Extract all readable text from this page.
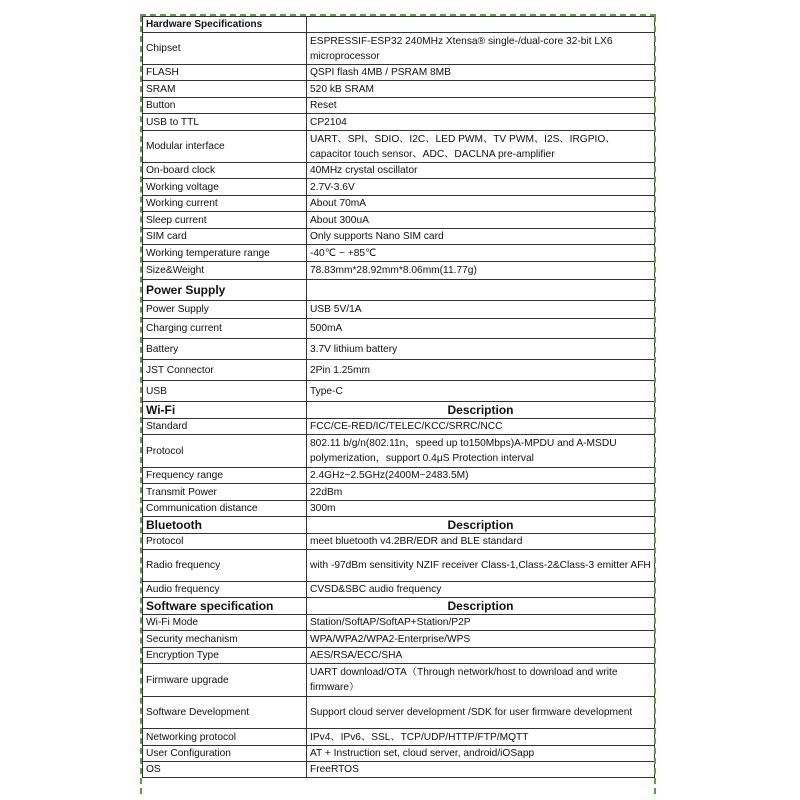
Hardware Specifications	
Chipset	ESPRESSIF-ESP32 240MHz Xtensa® single-/dual-core 32-bit LX6 microprocessor
FLASH	QSPI flash 4MB / PSRAM 8MB
SRAM	520 kB SRAM
Button	Reset
USB to TTL	CP2104
Modular interface	UART、SPI、SDIO、I2C、LED PWM、TV PWM、I2S、IRGPIO、capacitor touch sensor、ADC、DACLNA pre-amplifier
On-board clock	40MHz crystal oscillator
Working voltage	2.7V-3.6V
Working current	About 70mA
Sleep current	About 300uA
SIM card	Only supports Nano SIM card
Working temperature range	-40℃ ~ +85℃
Size&Weight	78.83mm*28.92mm*8.06mm(11.77g)
Power Supply	
Power Supply	USB 5V/1A
Charging current	500mA
Battery	3.7V lithium battery
JST Connector	2Pin 1.25mm
USB	Type-C
Wi-Fi	Description
Standard	FCC/CE-RED/IC/TELEC/KCC/SRRC/NCC
Protocol	802.11 b/g/n(802.11n，speed up to150Mbps)A-MPDU and A-MSDU polymerization，support 0.4μS Protection interval
Frequency range	2.4GHz~2.5GHz(2400M~2483.5M)
Transmit Power	22dBm
Communication distance	300m
Bluetooth	Description
Protocol	meet bluetooth v4.2BR/EDR and BLE standard
Radio frequency	with -97dBm sensitivity NZIF receiver Class-1,Class-2&Class-3 emitter AFH
Audio frequency	CVSD&SBC audio frequency
Software specification	Description
Wi-Fi Mode	Station/SoftAP/SoftAP+Station/P2P
Security mechanism	WPA/WPA2/WPA2-Enterprise/WPS
Encryption Type	AES/RSA/ECC/SHA
Firmware upgrade	UART download/OTA（Through network/host to download and write firmware）
Software Development	Support cloud server development /SDK for user firmware development
Networking protocol	IPv4、IPv6、SSL、TCP/UDP/HTTP/FTP/MQTT
User Configuration	AT + Instruction set, cloud server, android/iOSapp
OS	FreeRTOS
